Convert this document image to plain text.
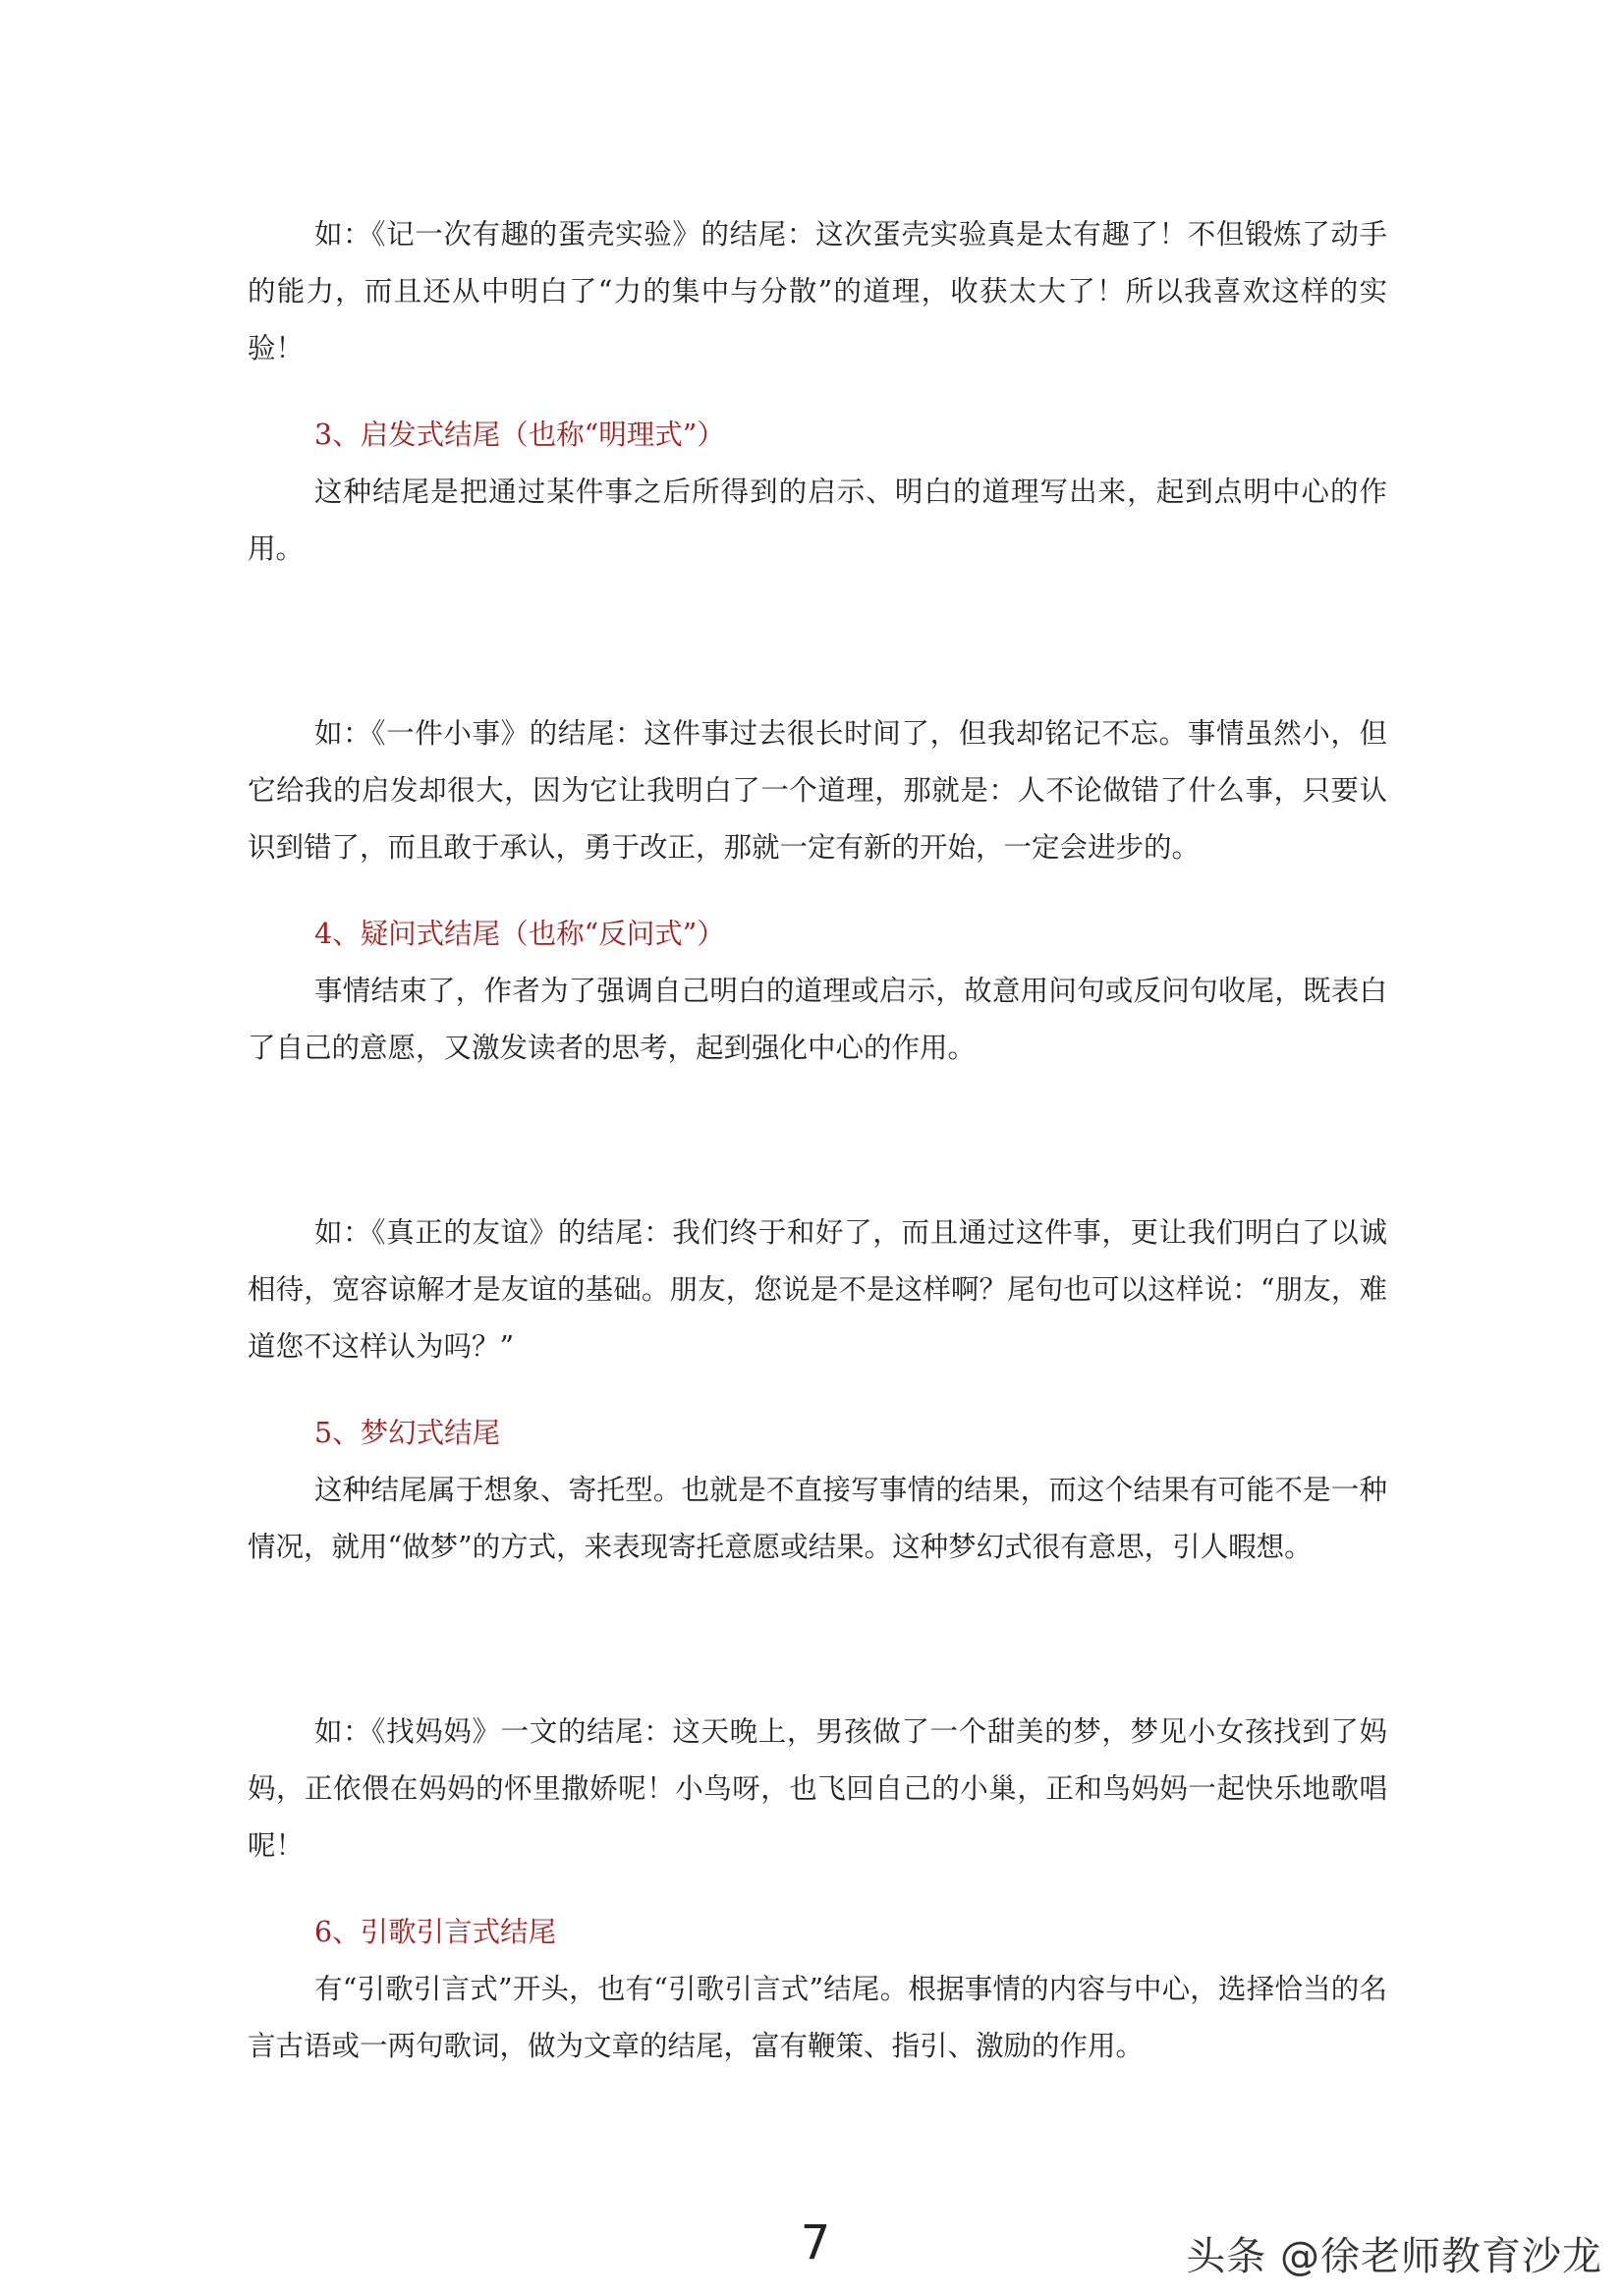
如：《记一次有趣的蛋壳实验》的结尾：这次蛋壳实验真是太有趣了！不但锻炼了动手的能力，而且还从中明白了“力的集中与分散”的道理，收获太大了！所以我喜欢这样的实验！

3、启发式结尾（也称“明理式”）

这种结尾是把通过某件事之后所得到的启示、明白的道理写出来，起到点明中心的作用。

如：《一件小事》的结尾：这件事过去很长时间了，但我却铭记不忘。事情虽然小，但它给我的启发却很大，因为它让我明白了一个道理，那就是：人不论做错了什么事，只要认识到错了，而且敢于承认，勇于改正，那就一定有新的开始，一定会进步的。

4、疑问式结尾（也称“反问式”）

事情结束了，作者为了强调自己明白的道理或启示，故意用问句或反问句收尾，既表白了自己的意愿，又激发读者的思考，起到强化中心的作用。

如：《真正的友谊》的结尾：我们终于和好了，而且通过这件事，更让我们明白了以诚相待，宽容谅解才是友谊的基础。朋友，您说是不是这样啊？尾句也可以这样说：“朋友，难道您不这样认为吗？”

5、梦幻式结尾

这种结尾属于想象、寄托型。也就是不直接写事情的结果，而这个结果有可能不是一种情况，就用“做梦”的方式，来表现寄托意愿或结果。这种梦幻式很有意思，引人暇想。

如：《找妈妈》一文的结尾：这天晚上，男孩做了一个甜美的梦，梦见小女孩找到了妈妈，正依偎在妈妈的怀里撒娇呢！小鸟呀，也飞回自己的小巢，正和鸟妈妈一起快乐地歌唱呢！

6、引歌引言式结尾

有“引歌引言式”开头，也有“引歌引言式”结尾。根据事情的内容与中心，选择恰当的名言古语或一两句歌词，做为文章的结尾，富有鞭策、指引、激励的作用。

7	头条 @徐老师教育沙龙
